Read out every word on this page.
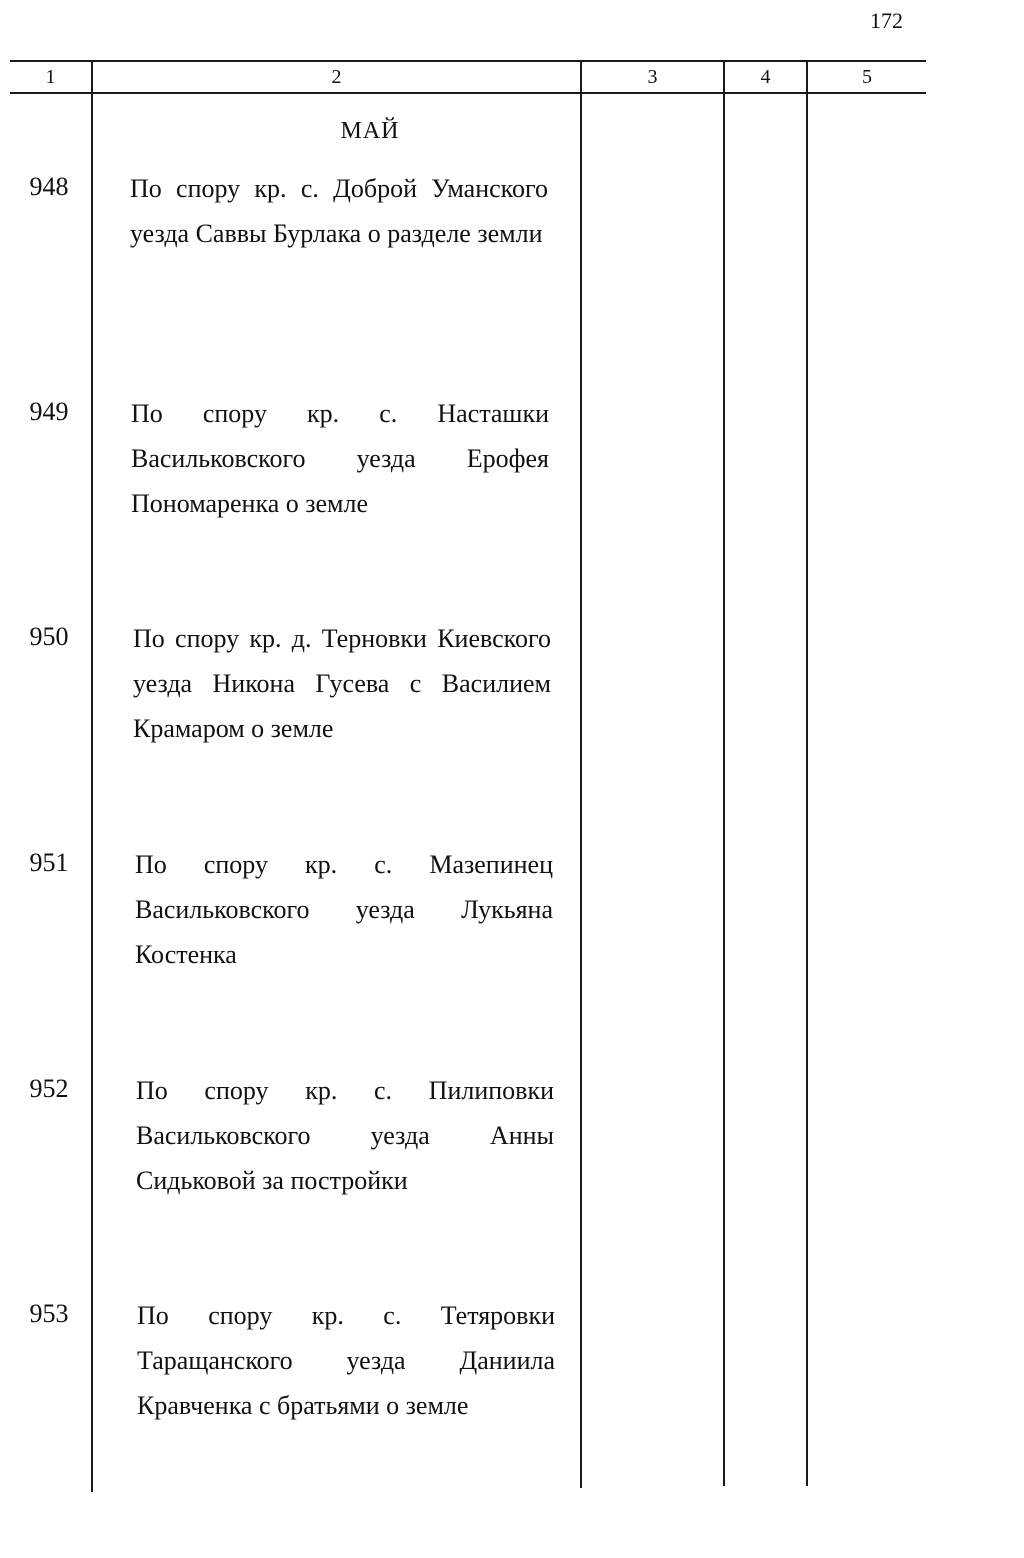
172
1	2	3	4	5
МАЙ
948	По спору кр. с. Доброй Уманского уезда Саввы Бурлака о разделе земли

949	По спору кр. с. Насташки Васильковского уезда Ерофея Пономаренка о земле

950	По спору кр. д. Терновки Киевского уезда Никона Гусева с Василием Крамаром о земле

951	По спору кр. с. Мазепинец Васильковского уезда Лукьяна Костенка

952	По спору кр. с. Пилиповки Васильковского уезда Анны Сидьковой за постройки

953	По спору кр. с. Тетяровки Таращанского уезда Даниила Кравченка с братьями о земле
